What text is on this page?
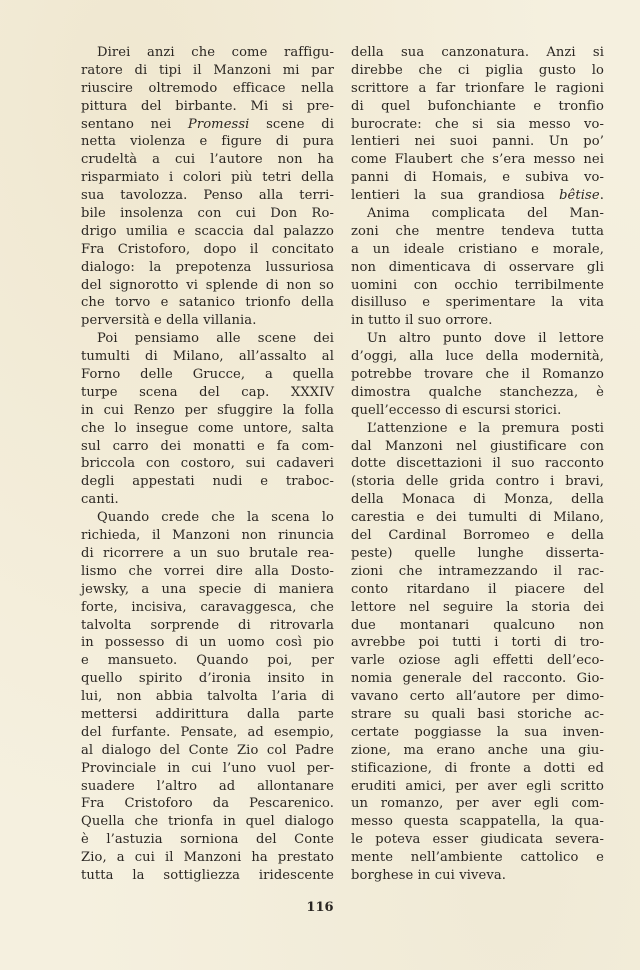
Direi anzi che come raffigu-
ratore di tipi il Manzoni mi par
riuscire oltremodo efficace nella
pittura del birbante. Mi si pre-
sentano nei Promessi scene di
netta violenza e figure di pura
crudeltà a cui l’autore non ha
risparmiato i colori più tetri della
sua tavolozza. Penso alla terri-
bile insolenza con cui Don Ro-
drigo umilia e scaccia dal palazzo
Fra Cristoforo, dopo il concitato
dialogo: la prepotenza lussuriosa
del signorotto vi splende di non so
che torvo e satanico trionfo della
perversità e della villania.
Poi pensiamo alle scene dei
tumulti di Milano, all’assalto al
Forno delle Grucce, a quella
turpe scena del cap. XXXIV
in cui Renzo per sfuggire la folla
che lo insegue come untore, salta
sul carro dei monatti e fa com-
briccola con costoro, sui cadaveri
degli appestati nudi e traboc-
canti.
Quando crede che la scena lo
richieda, il Manzoni non rinuncia
di ricorrere a un suo brutale rea-
lismo che vorrei dire alla Dosto-
jewsky, a una specie di maniera
forte, incisiva, caravaggesca, che
talvolta sorprende di ritrovarla
in possesso di un uomo così pio
e mansueto. Quando poi, per
quello spirito d’ironia insito in
lui, non abbia talvolta l’aria di
mettersi addirittura dalla parte
del furfante. Pensate, ad esempio,
al dialogo del Conte Zio col Padre
Provinciale in cui l’uno vuol per-
suadere l’altro ad allontanare
Fra Cristoforo da Pescarenico.
Quella che trionfa in quel dialogo
è l’astuzia sorniona del Conte
Zio, a cui il Manzoni ha prestato
tutta la sottigliezza iridescente
della sua canzonatura. Anzi si
direbbe che ci piglia gusto lo
scrittore a far trionfare le ragioni
di quel bufonchiante e tronfio
burocrate: che si sia messo vo-
lentieri nei suoi panni. Un po’
come Flaubert che s’era messo nei
panni di Homais, e subiva vo-
lentieri la sua grandiosa bêtise.
Anima complicata del Man-
zoni che mentre tendeva tutta
a un ideale cristiano e morale,
non dimenticava di osservare gli
uomini con occhio terribilmente
disilluso e sperimentare la vita
in tutto il suo orrore.
Un altro punto dove il lettore
d’oggi, alla luce della modernità,
potrebbe trovare che il Romanzo
dimostra qualche stanchezza, è
quell’eccesso di escursi storici.
L’attenzione e la premura posti
dal Manzoni nel giustificare con
dotte discettazioni il suo racconto
(storia delle grida contro i bravi,
della Monaca di Monza, della
carestia e dei tumulti di Milano,
del Cardinal Borromeo e della
peste) quelle lunghe disserta-
zioni che intramezzando il rac-
conto ritardano il piacere del
lettore nel seguire la storia dei
due montanari qualcuno non
avrebbe poi tutti i torti di tro-
varle oziose agli effetti dell’eco-
nomia generale del racconto. Gio-
vavano certo all’autore per dimo-
strare su quali basi storiche ac-
certate poggiasse la sua inven-
zione, ma erano anche una giu-
stificazione, di fronte a dotti ed
eruditi amici, per aver egli scritto
un romanzo, per aver egli com-
messo questa scappatella, la qua-
le poteva esser giudicata severa-
mente nell’ambiente cattolico e
borghese in cui viveva.
116
